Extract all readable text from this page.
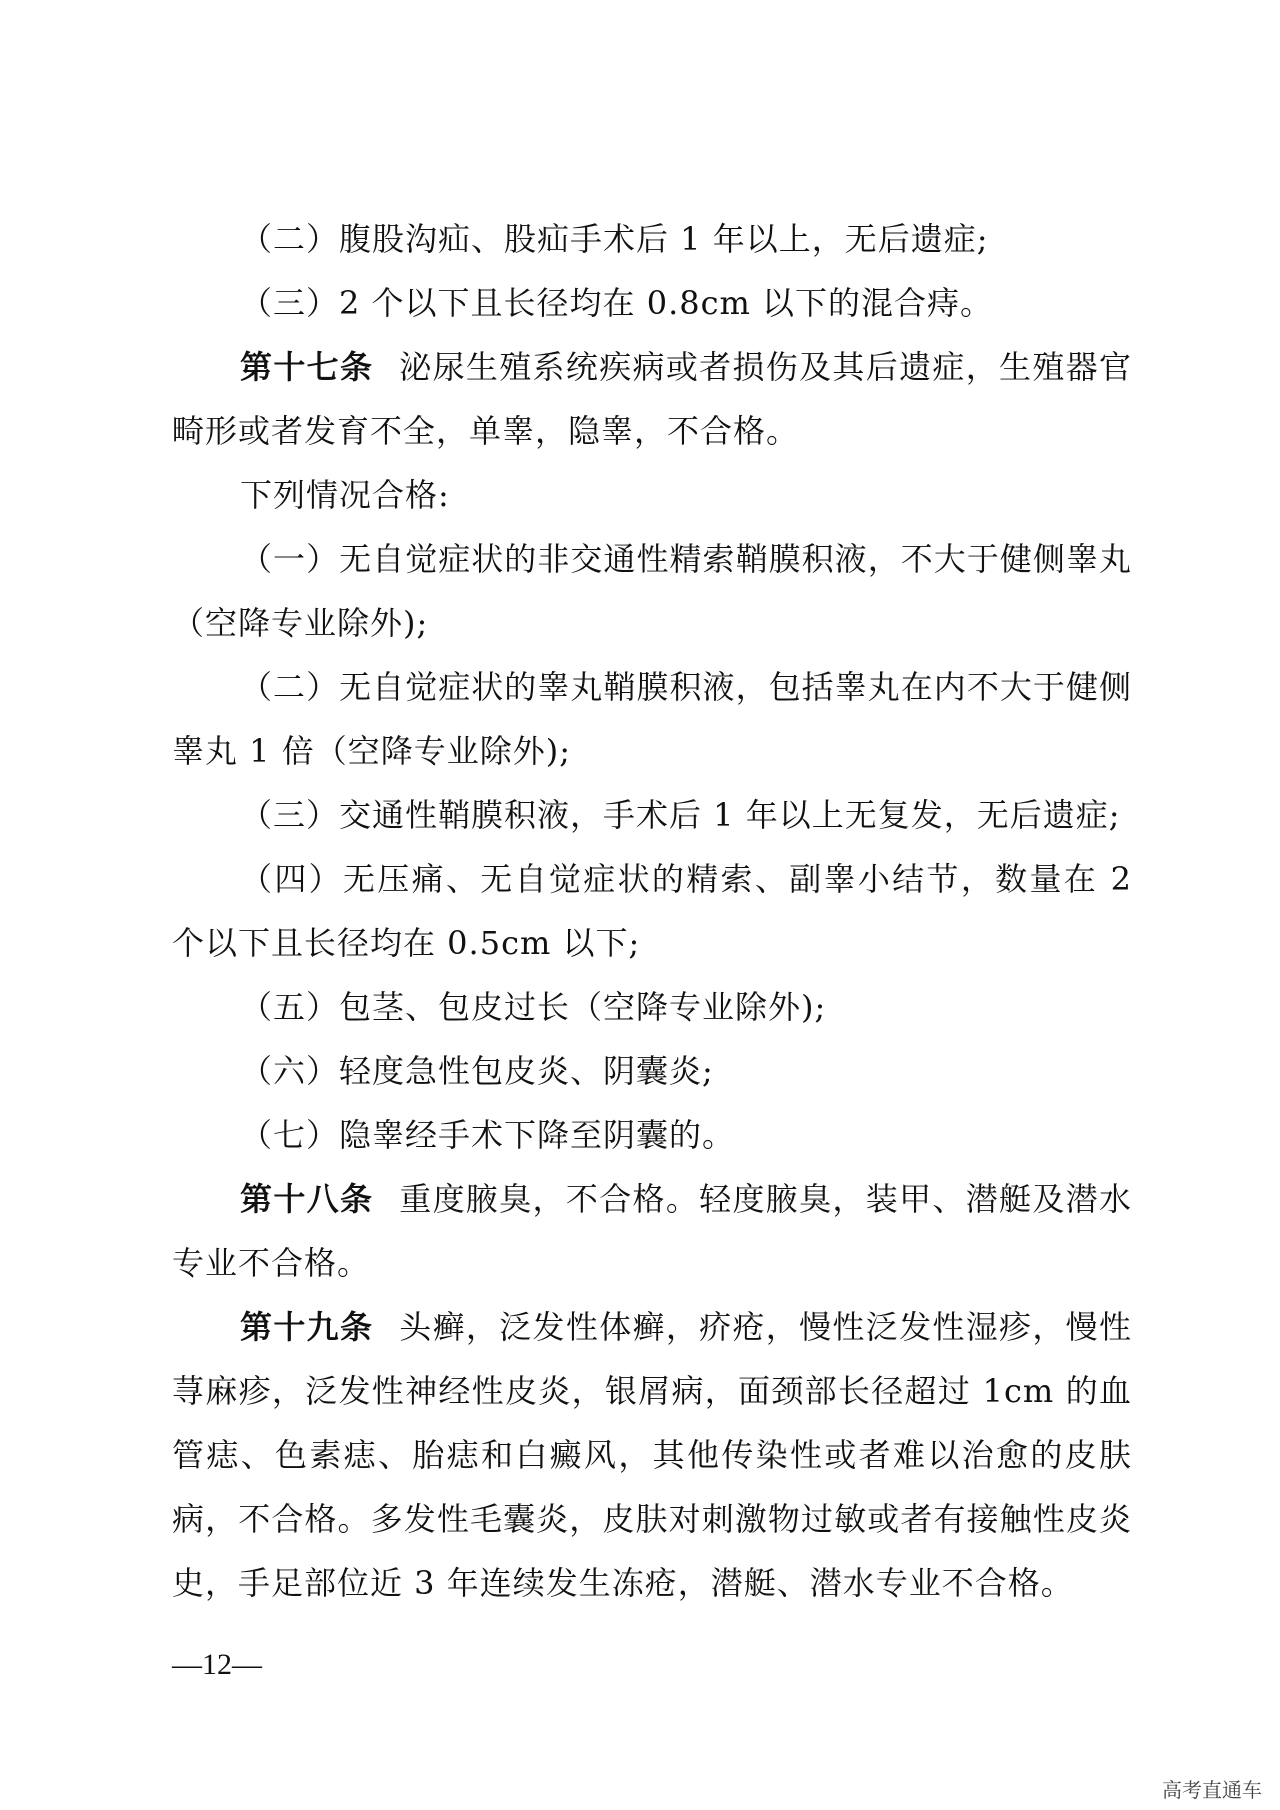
（二）腹股沟疝、股疝手术后 1 年以上，无后遗症;

（三）2 个以下且长径均在 0.8cm 以下的混合痔。

第十七条 泌尿生殖系统疾病或者损伤及其后遗症，生殖器官畸形或者发育不全，单睾，隐睾，不合格。

下列情况合格:

（一）无自觉症状的非交通性精索鞘膜积液，不大于健侧睾丸（空降专业除外);

（二）无自觉症状的睾丸鞘膜积液，包括睾丸在内不大于健侧睾丸 1 倍（空降专业除外);

（三）交通性鞘膜积液，手术后 1 年以上无复发，无后遗症;

（四）无压痛、无自觉症状的精索、副睾小结节，数量在 2 个以下且长径均在 0.5cm 以下;

（五）包茎、包皮过长（空降专业除外);

（六）轻度急性包皮炎、阴囊炎;

（七）隐睾经手术下降至阴囊的。

第十八条 重度腋臭，不合格。轻度腋臭，装甲、潜艇及潜水专业不合格。

第十九条 头癣，泛发性体癣，疥疮，慢性泛发性湿疹，慢性荨麻疹，泛发性神经性皮炎，银屑病，面颈部长径超过 1cm 的血管痣、色素痣、胎痣和白癜风，其他传染性或者难以治愈的皮肤病，不合格。多发性毛囊炎，皮肤对刺激物过敏或者有接触性皮炎史，手足部位近 3 年连续发生冻疮，潜艇、潜水专业不合格。

—12—
高考直通车
